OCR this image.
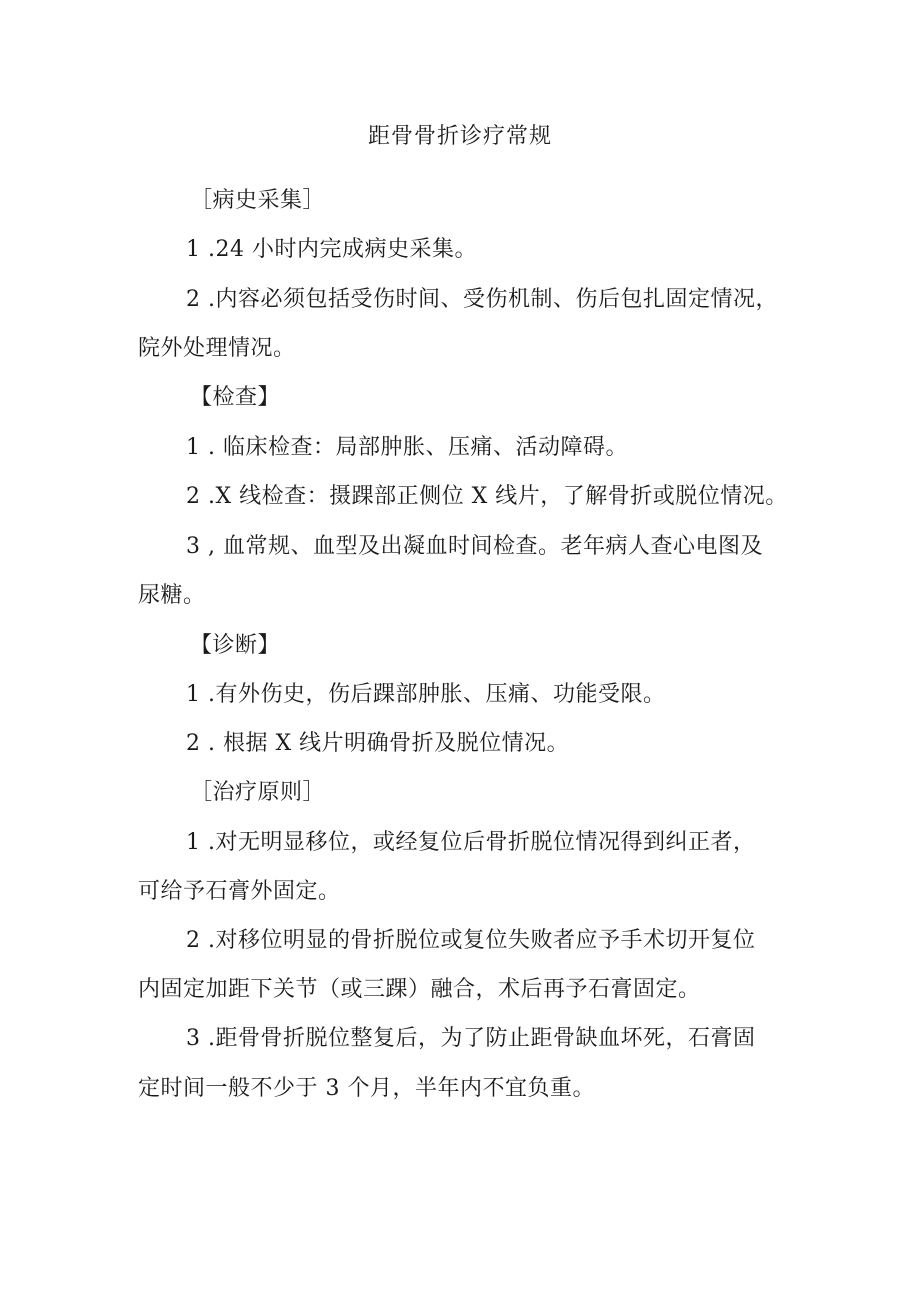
距骨骨折诊疗常规
［病史采集］
1 .24 小时内完成病史采集。
2 .内容必须包括受伤时间、受伤机制、伤后包扎固定情况，
院外处理情况。
【检查】
1 . 临床检查：局部肿胀、压痛、活动障碍。
2 .X 线检查：摄踝部正侧位 X 线片，了解骨折或脱位情况。
3 , 血常规、血型及出凝血时间检查。老年病人查心电图及
尿糖。
【诊断】
1 .有外伤史，伤后踝部肿胀、压痛、功能受限。
2 . 根据 X 线片明确骨折及脱位情况。
［治疗原则］
1 .对无明显移位，或经复位后骨折脱位情况得到纠正者，
可给予石膏外固定。
2 .对移位明显的骨折脱位或复位失败者应予手术切开复位
内固定加距下关节（或三踝）融合，术后再予石膏固定。
3 .距骨骨折脱位整复后，为了防止距骨缺血坏死，石膏固
定时间一般不少于 3 个月，半年内不宜负重。
